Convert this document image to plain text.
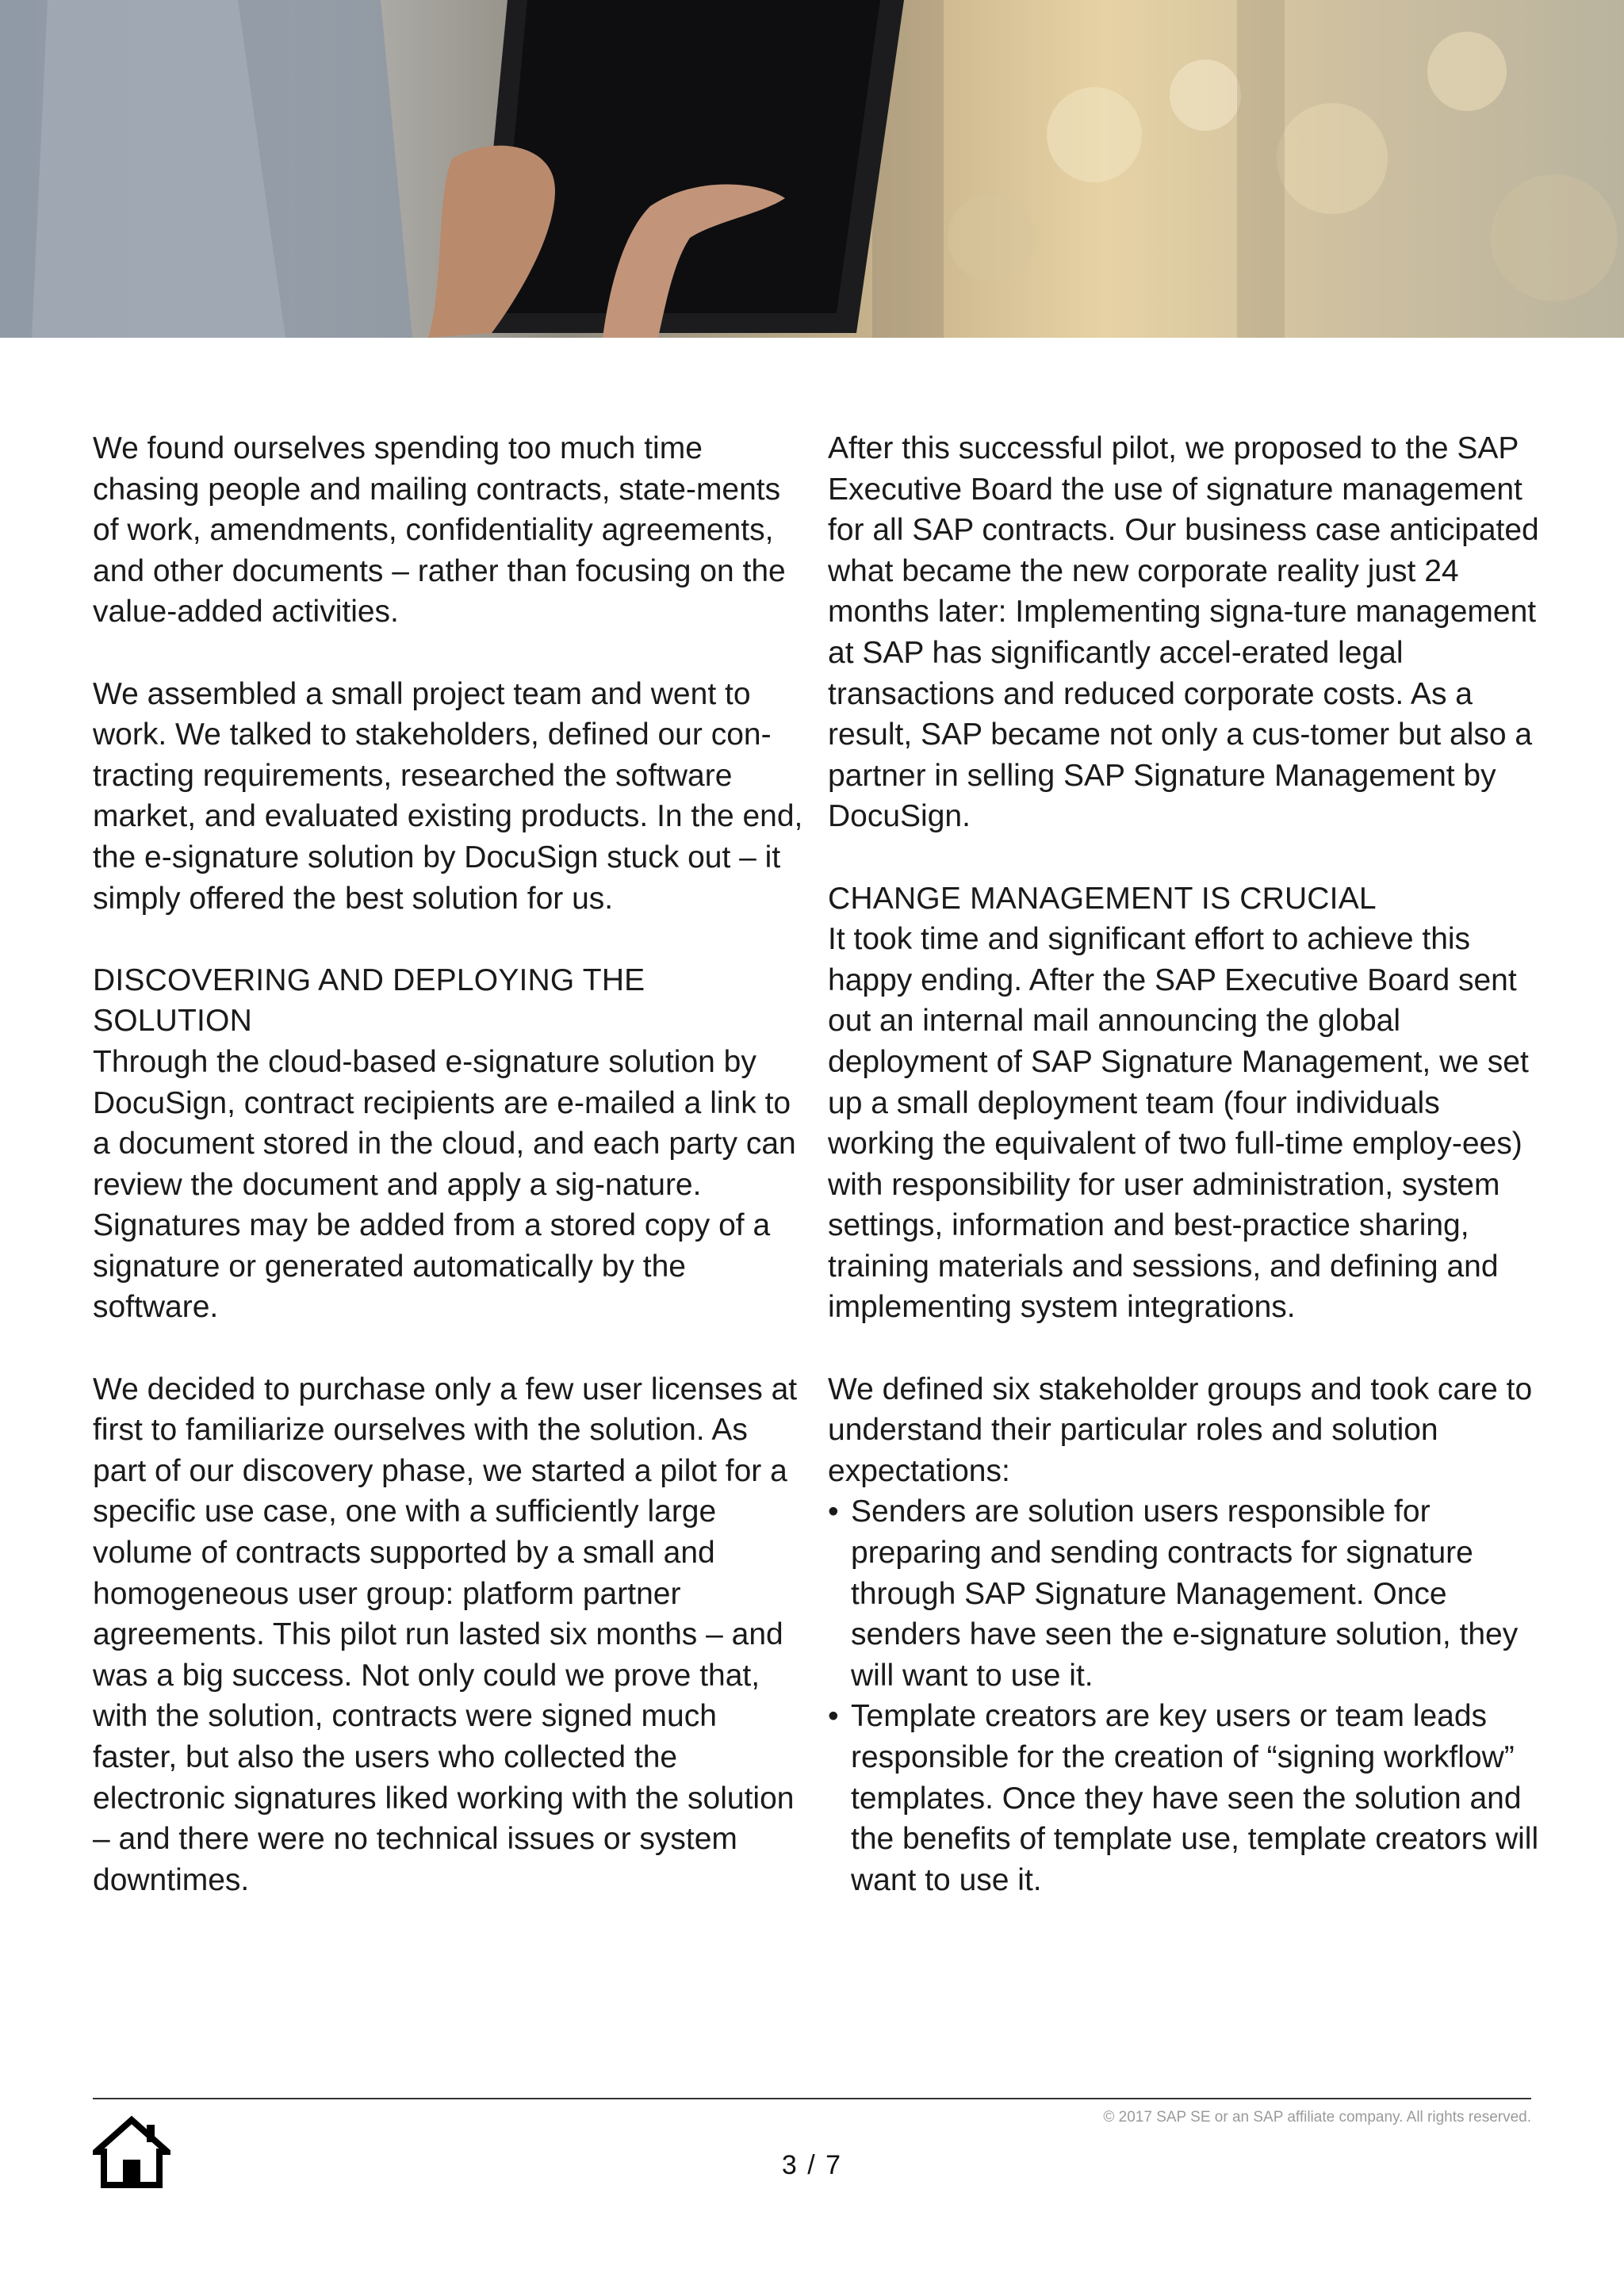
We found ourselves spending too much time chasing people and mailing contracts, state-ments of work, amendments, confidentiality agreements, and other documents – rather than focusing on the value-added activities.

We assembled a small project team and went to work. We talked to stakeholders, defined our con-tracting requirements, researched the software market, and evaluated existing products. In the end, the e-signature solution by DocuSign stuck out – it simply offered the best solution for us.

DISCOVERING AND DEPLOYING THE SOLUTION

Through the cloud-based e-signature solution by DocuSign, contract recipients are e-mailed a link to a document stored in the cloud, and each party can review the document and apply a sig-nature. Signatures may be added from a stored copy of a signature or generated automatically by the software.

We decided to purchase only a few user licenses at first to familiarize ourselves with the solution. As part of our discovery phase, we started a pilot for a specific use case, one with a sufficiently large volume of contracts supported by a small and homogeneous user group: platform partner agreements. This pilot run lasted six months – and was a big success. Not only could we prove that, with the solution, contracts were signed much faster, but also the users who collected the electronic signatures liked working with the solution – and there were no technical issues or system downtimes.

After this successful pilot, we proposed to the SAP Executive Board the use of signature management for all SAP contracts. Our business case anticipated what became the new corporate reality just 24 months later: Implementing signa-ture management at SAP has significantly accel-erated legal transactions and reduced corporate costs. As a result, SAP became not only a cus-tomer but also a partner in selling SAP Signature Management by DocuSign.

CHANGE MANAGEMENT IS CRUCIAL

It took time and significant effort to achieve this happy ending. After the SAP Executive Board sent out an internal mail announcing the global deployment of SAP Signature Management, we set up a small deployment team (four individuals working the equivalent of two full-time employ-ees) with responsibility for user administration, system settings, information and best-practice sharing, training materials and sessions, and defining and implementing system integrations.

We defined six stakeholder groups and took care to understand their particular roles and solution expectations:

• Senders are solution users responsible for preparing and sending contracts for signature through SAP Signature Management. Once senders have seen the e-signature solution, they will want to use it.
• Template creators are key users or team leads responsible for the creation of “signing workflow” templates. Once they have seen the solution and the benefits of template use, template creators will want to use it.
© 2017 SAP SE or an SAP affiliate company. All rights reserved.
3 / 7
